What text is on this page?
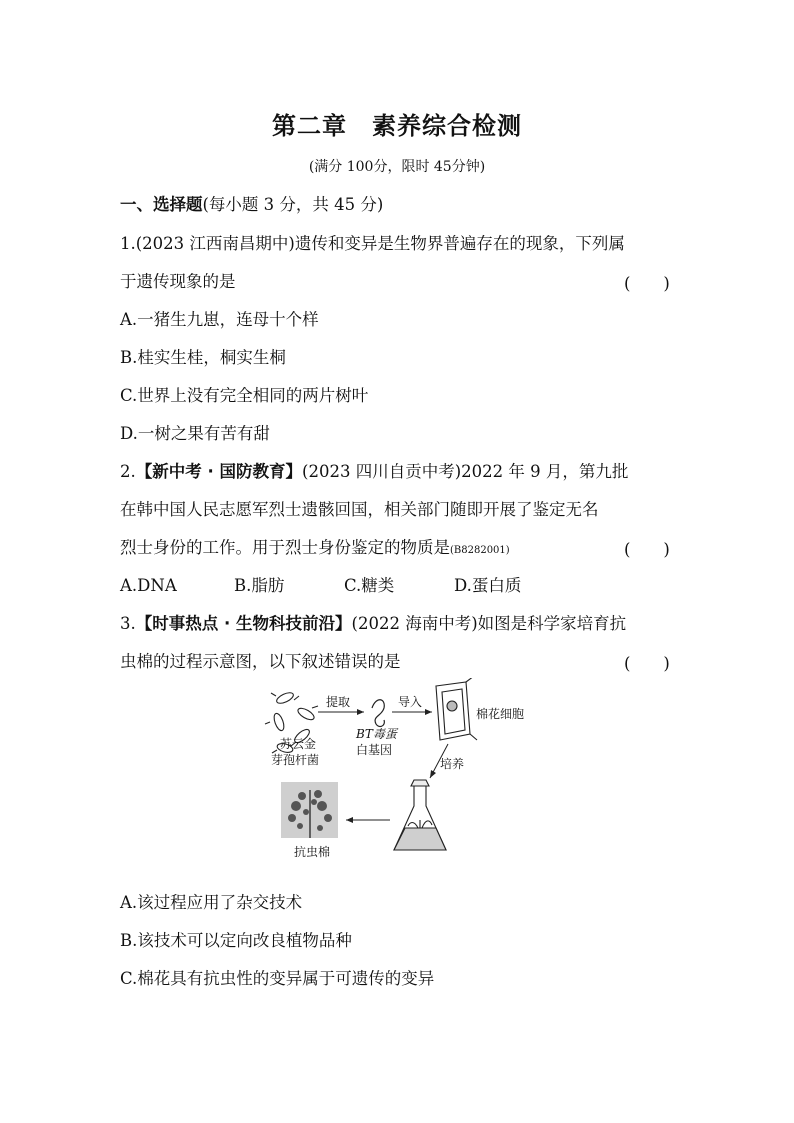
第二章　素养综合检测
(满分 100分，限时 45分钟)
一、选择题(每小题 3 分，共 45 分)
1.(2023 江西南昌期中)遗传和变异是生物界普遍存在的现象，下列属
于遗传现象的是	(　　)
A.一猪生九崽，连母十个样
B.桂实生桂，桐实生桐
C.世界上没有完全相同的两片树叶
D.一树之果有苦有甜
2.【新中考 · 国防教育】(2023 四川自贡中考)2022 年 9 月，第九批
在韩中国人民志愿军烈士遗骸回国，相关部门随即开展了鉴定无名
烈士身份的工作。用于烈士身份鉴定的物质是(B8282001)	(　　)
A.DNA	B.脂肪	C.糖类	D.蛋白质
3.【时事热点 · 生物科技前沿】(2022 海南中考)如图是科学家培育抗
虫棉的过程示意图，以下叙述错误的是	(　　)
苏云金
芽孢杆菌
提取
BT毒蛋
白基因
导入
棉花细胞
培养
抗虫棉
A.该过程应用了杂交技术
B.该技术可以定向改良植物品种
C.棉花具有抗虫性的变异属于可遗传的变异
